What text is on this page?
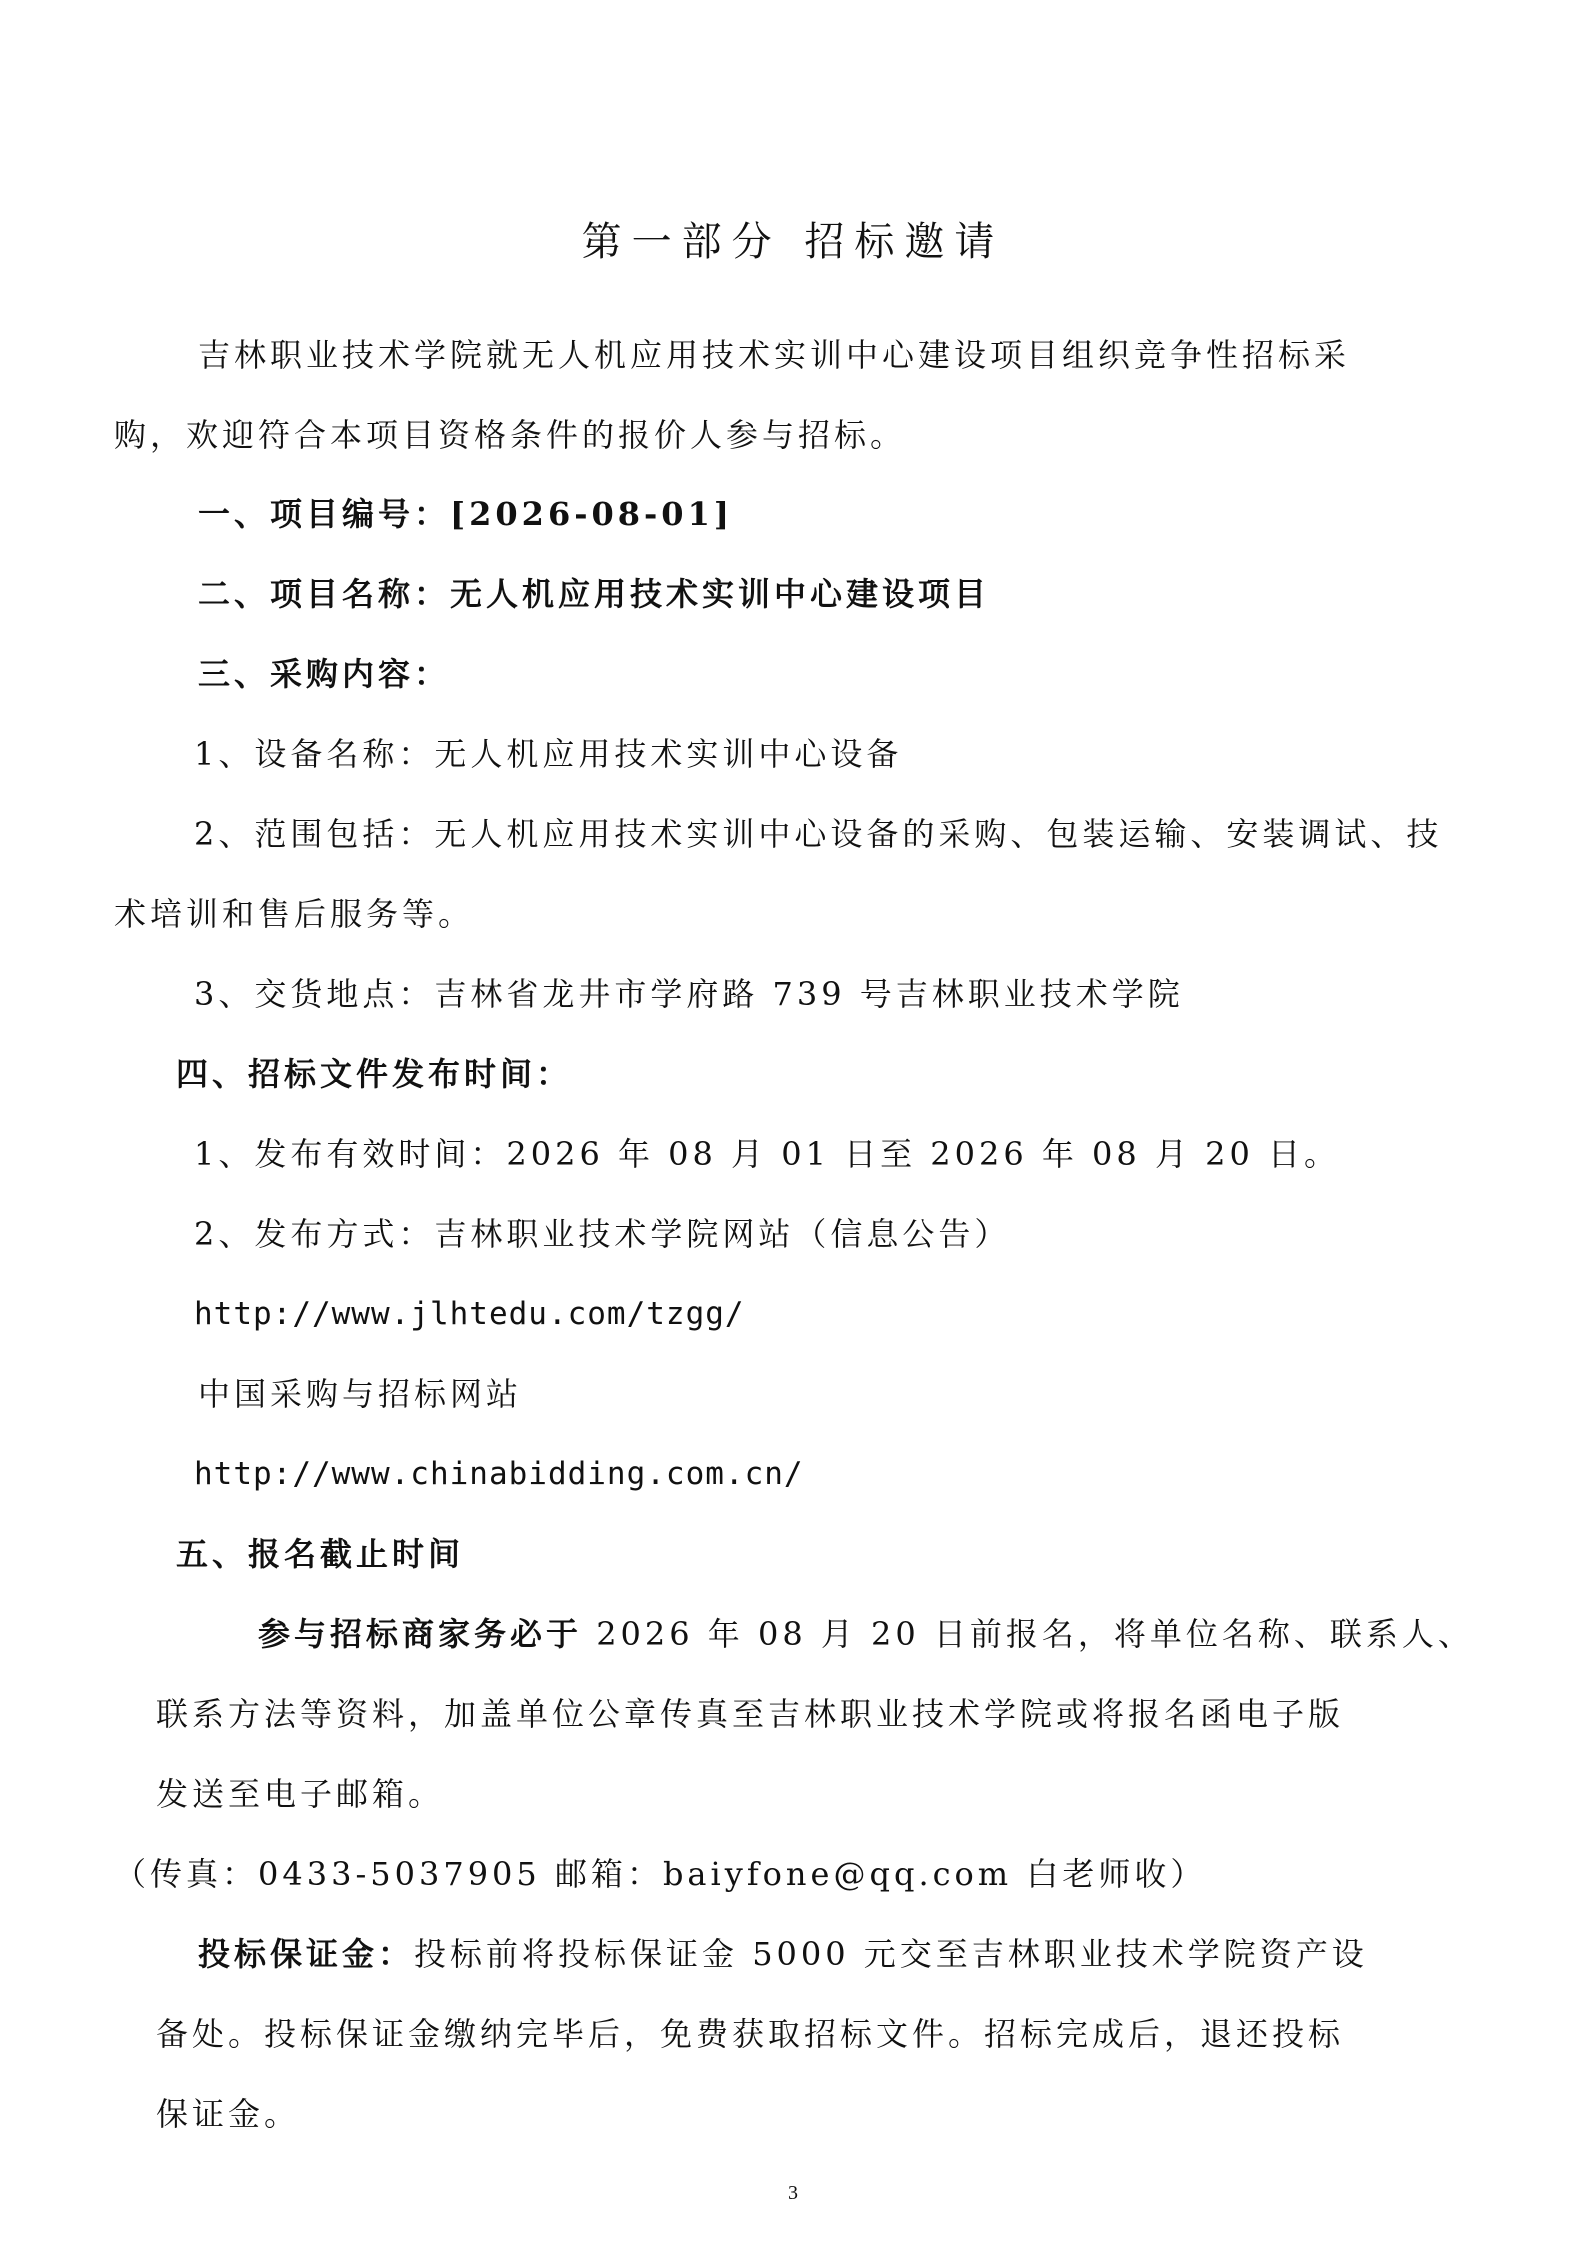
第一部分 招标邀请
吉林职业技术学院就无人机应用技术实训中心建设项目组织竞争性招标采
购，欢迎符合本项目资格条件的报价人参与招标。
一、项目编号：[2026-08-01]
二、项目名称：无人机应用技术实训中心建设项目
三、采购内容：
1、设备名称：无人机应用技术实训中心设备
2、范围包括：无人机应用技术实训中心设备的采购、包装运输、安装调试、技
术培训和售后服务等。
3、交货地点：吉林省龙井市学府路 739 号吉林职业技术学院
四、招标文件发布时间：
1、发布有效时间：2026 年 08 月 01 日至 2026 年 08 月 20 日。
2、发布方式：吉林职业技术学院网站（信息公告）
http://www.jlhtedu.com/tzgg/
中国采购与招标网站
http://www.chinabidding.com.cn/
五、报名截止时间
参与招标商家务必于 2026 年 08 月 20 日前报名，将单位名称、联系人、
联系方法等资料，加盖单位公章传真至吉林职业技术学院或将报名函电子版
发送至电子邮箱。
（传真：0433-5037905 邮箱：baiyfone@qq.com 白老师收）
投标保证金：投标前将投标保证金 5000 元交至吉林职业技术学院资产设
备处。投标保证金缴纳完毕后，免费获取招标文件。招标完成后，退还投标
保证金。
3
